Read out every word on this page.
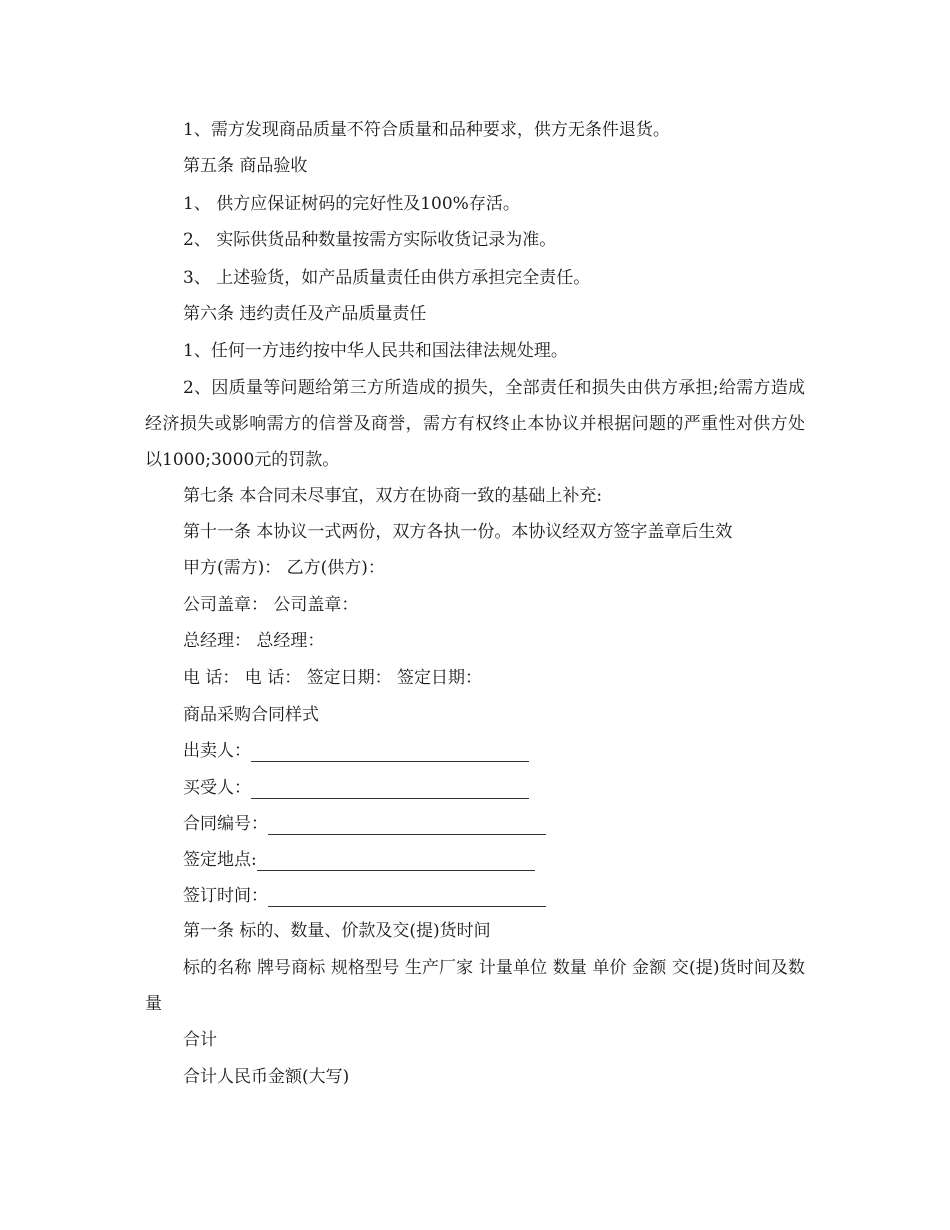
1、需方发现商品质量不符合质量和品种要求，供方无条件退货。
第五条 商品验收
1、 供方应保证树码的完好性及100%存活。
2、 实际供货品种数量按需方实际收货记录为准。
3、 上述验货，如产品质量责任由供方承担完全责任。
第六条 违约责任及产品质量责任
1、任何一方违约按中华人民共和国法律法规处理。
2、因质量等问题给第三方所造成的损失，全部责任和损失由供方承担;给需方造成经济损失或影响需方的信誉及商誉，需方有权终止本协议并根据问题的严重性对供方处以1000;3000元的罚款。
第七条 本合同未尽事宜，双方在协商一致的基础上补充:
第十一条 本协议一式两份，双方各执一份。本协议经双方签字盖章后生效
甲方(需方)： 乙方(供方)：
公司盖章： 公司盖章：
总经理： 总经理：
电 话： 电 话： 签定日期： 签定日期：
商品采购合同样式
出卖人：
买受人：
合同编号：
签定地点:
签订时间：
第一条 标的、数量、价款及交(提)货时间
标的名称 牌号商标 规格型号 生产厂家 计量单位 数量 单价 金额 交(提)货时间及数量
合计
合计人民币金额(大写)
